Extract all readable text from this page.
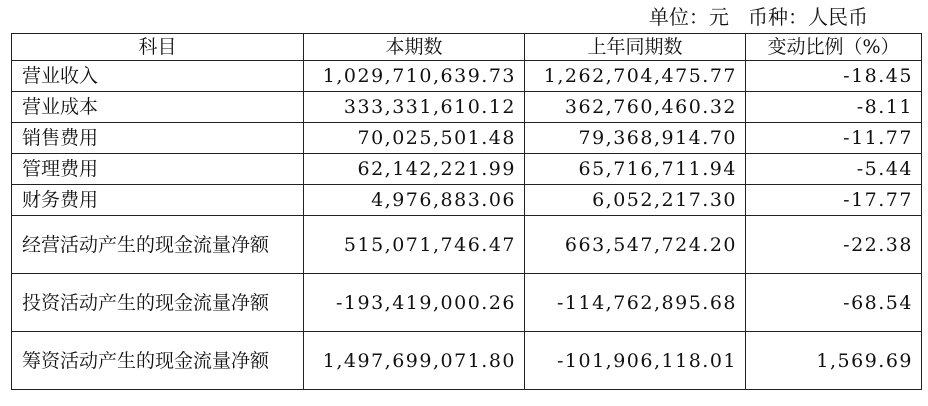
单位：元   币种：人民币
科目	本期数	上年同期数	变动比例（%）
营业收入	1,029,710,639.73	1,262,704,475.77	-18.45
营业成本	333,331,610.12	362,760,460.32	-8.11
销售费用	70,025,501.48	79,368,914.70	-11.77
管理费用	62,142,221.99	65,716,711.94	-5.44
财务费用	4,976,883.06	6,052,217.30	-17.77
经营活动产生的现金流量净额	515,071,746.47	663,547,724.20	-22.38
投资活动产生的现金流量净额	-193,419,000.26	-114,762,895.68	-68.54
筹资活动产生的现金流量净额	1,497,699,071.80	-101,906,118.01	1,569.69
